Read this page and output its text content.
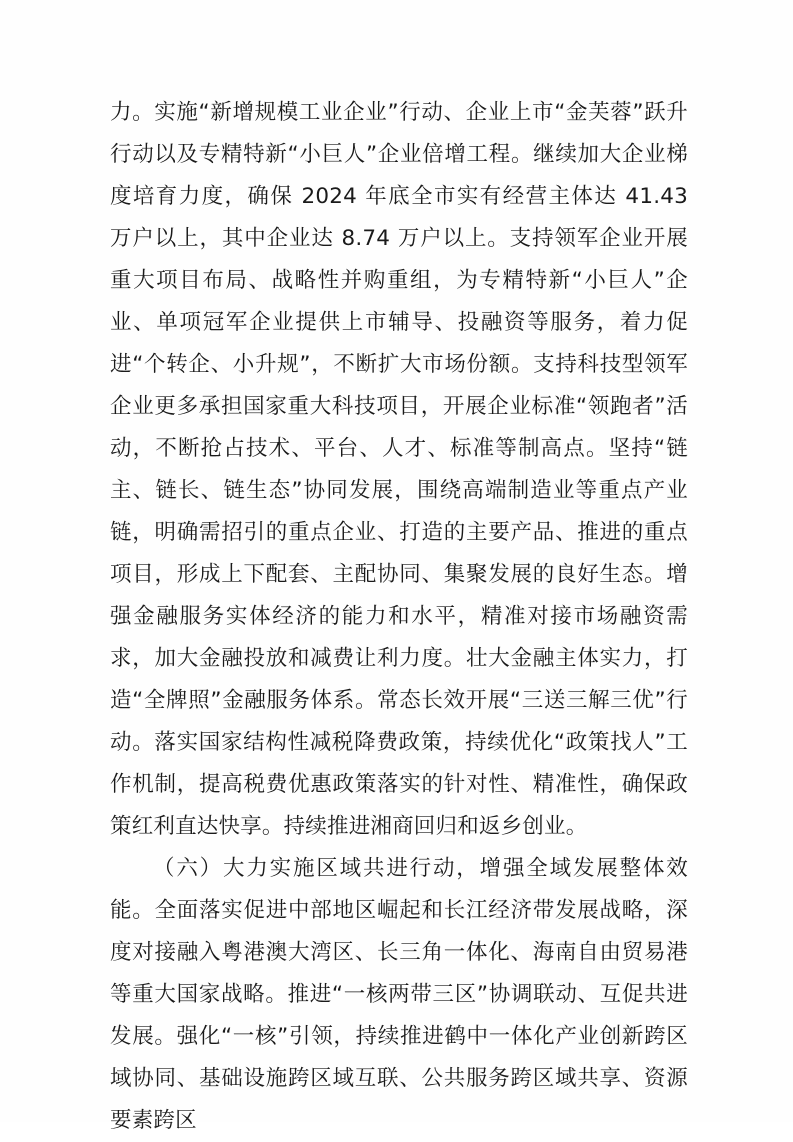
力。实施“新增规模工业企业”行动、企业上市“金芙蓉”跃升行动以及专精特新“小巨人”企业倍增工程。继续加大企业梯度培育力度，确保 2024 年底全市实有经营主体达 41.43 万户以上，其中企业达 8.74 万户以上。支持领军企业开展重大项目布局、战略性并购重组，为专精特新“小巨人”企业、单项冠军企业提供上市辅导、投融资等服务，着力促进“个转企、小升规”，不断扩大市场份额。支持科技型领军企业更多承担国家重大科技项目，开展企业标准“领跑者”活动，不断抢占技术、平台、人才、标准等制高点。坚持“链主、链长、链生态”协同发展，围绕高端制造业等重点产业链，明确需招引的重点企业、打造的主要产品、推进的重点项目，形成上下配套、主配协同、集聚发展的良好生态。增强金融服务实体经济的能力和水平，精准对接市场融资需求，加大金融投放和减费让利力度。壮大金融主体实力，打造“全牌照”金融服务体系。常态长效开展“三送三解三优”行动。落实国家结构性减税降费政策，持续优化“政策找人”工作机制，提高税费优惠政策落实的针对性、精准性，确保政策红利直达快享。持续推进湘商回归和返乡创业。

（六）大力实施区域共进行动，增强全域发展整体效能。全面落实促进中部地区崛起和长江经济带发展战略，深度对接融入粤港澳大湾区、长三角一体化、海南自由贸易港等重大国家战略。推进“一核两带三区”协调联动、互促共进发展。强化“一核”引领，持续推进鹤中一体化产业创新跨区域协同、基础设施跨区域互联、公共服务跨区域共享、资源要素跨区
